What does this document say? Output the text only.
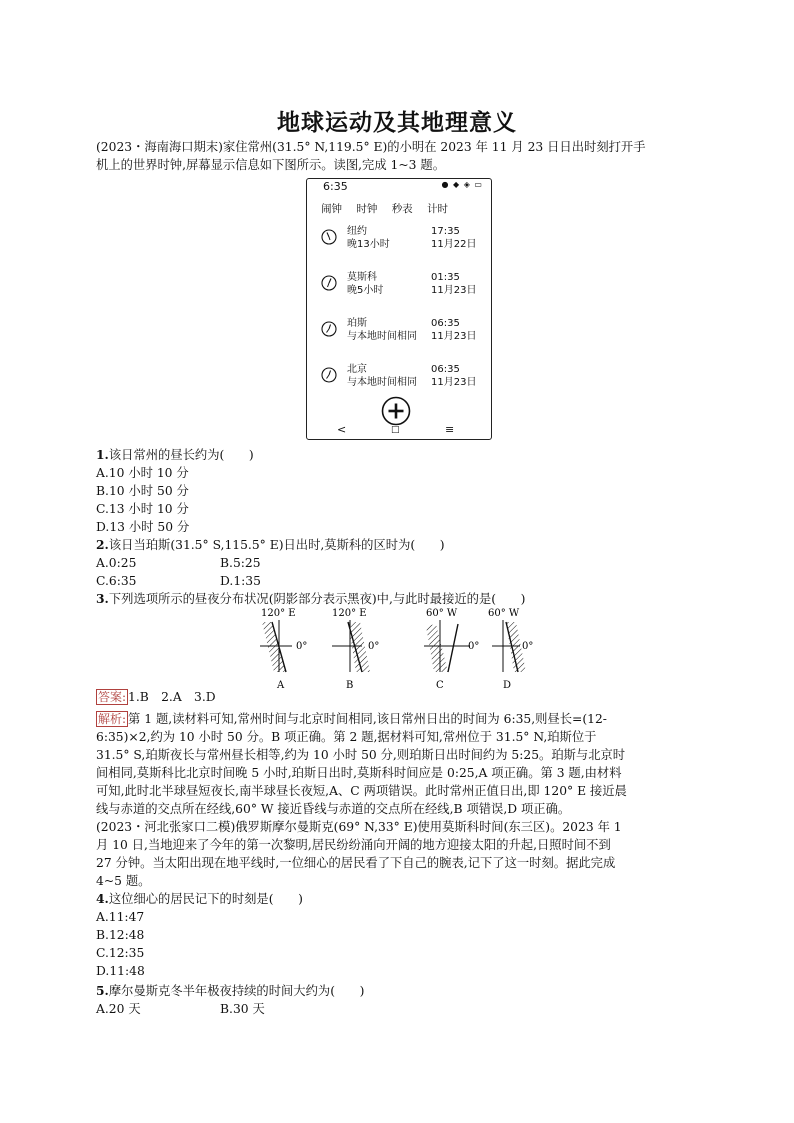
地球运动及其地理意义
(2023・海南海口期末)家住常州(31.5° N,119.5° E)的小明在 2023 年 11 月 23 日日出时刻打开手
机上的世界时钟,屏幕显示信息如下图所示。读图,完成 1~3 题。
6:35	● ◆ ◈ ▭
闹钟 时钟 秒表 计时
纽约
晚13小时
17:35
11月22日
莫斯科
晚5小时
01:35
11月23日
珀斯
与本地时间相同
06:35
11月23日
北京
与本地时间相同
06:35
11月23日
<	□	≡
1.该日常州的昼长约为(　　)
A.10 小时 10 分
B.10 小时 50 分
C.13 小时 10 分
D.13 小时 50 分
2.该日当珀斯(31.5° S,115.5° E)日出时,莫斯科的区时为(　　)
A.0:25	B.5:25
C.6:35	D.1:35
3.下列选项所示的昼夜分布状况(阴影部分表示黑夜)中,与此时最接近的是(　　)
120° E
0°
A
120° E
0°
B
60° W
0°
C
60° W
0°
D
答案: 1.B　2.A　3.D
解析: 第 1 题,读材料可知,常州时间与北京时间相同,该日常州日出的时间为 6:35,则昼长=(12-
6:35)×2,约为 10 小时 50 分。B 项正确。第 2 题,据材料可知,常州位于 31.5° N,珀斯位于
31.5° S,珀斯夜长与常州昼长相等,约为 10 小时 50 分,则珀斯日出时间约为 5:25。珀斯与北京时
间相同,莫斯科比北京时间晚 5 小时,珀斯日出时,莫斯科时间应是 0:25,A 项正确。第 3 题,由材料
可知,此时北半球昼短夜长,南半球昼长夜短,A、C 两项错误。此时常州正值日出,即 120° E 接近晨
线与赤道的交点所在经线,60° W 接近昏线与赤道的交点所在经线,B 项错误,D 项正确。
(2023・河北张家口二模)俄罗斯摩尔曼斯克(69° N,33° E)使用莫斯科时间(东三区)。2023 年 1
月 10 日,当地迎来了今年的第一次黎明,居民纷纷涌向开阔的地方迎接太阳的升起,日照时间不到
27 分钟。当太阳出现在地平线时,一位细心的居民看了下自己的腕表,记下了这一时刻。据此完成
4~5 题。
4.这位细心的居民记下的时刻是(　　)
A.11:47
B.12:48
C.12:35
D.11:48
5.摩尔曼斯克冬半年极夜持续的时间大约为(　　)
A.20 天	B.30 天
